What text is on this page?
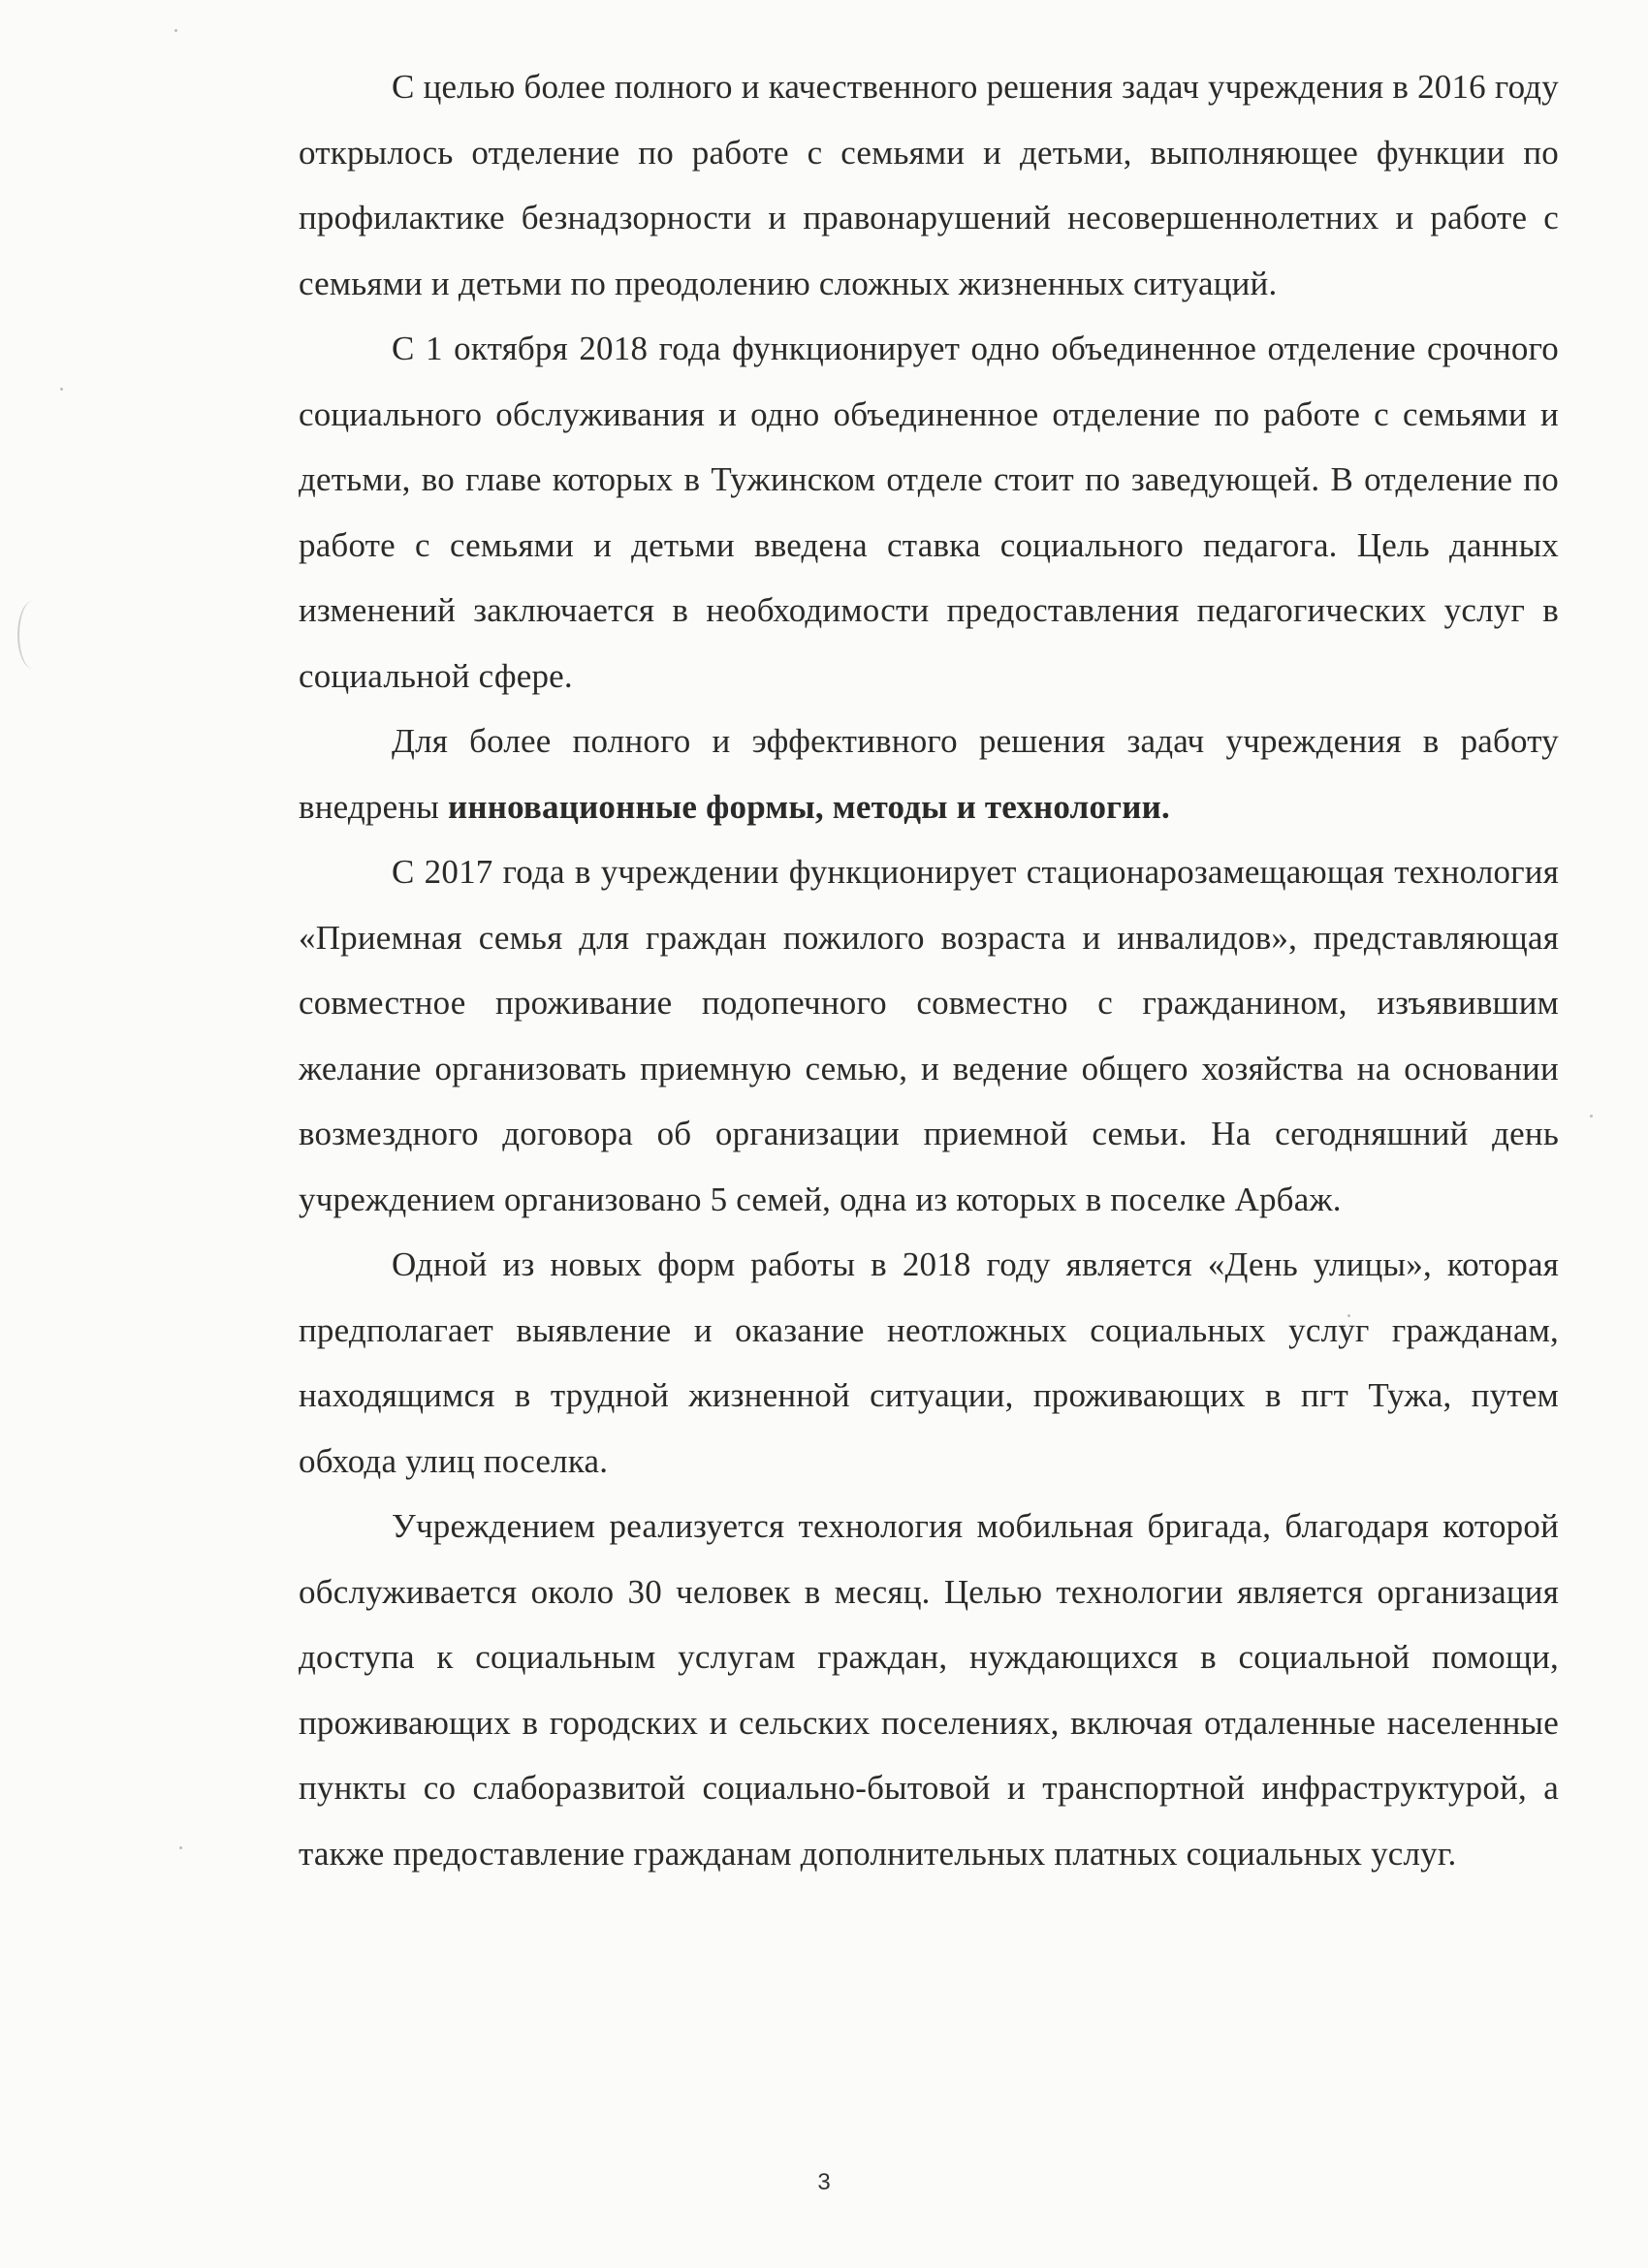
С целью более полного и качественного решения задач учреждения в 2016 году открылось отделение по работе с семьями и детьми, выполняющее функции по профилактике безнадзорности и правонарушений несовершеннолетних и работе с семьями и детьми по преодолению сложных жизненных ситуаций.

С 1 октября 2018 года функционирует одно объединенное отделение срочного социального обслуживания и одно объединенное отделение по работе с семьями и детьми, во главе которых в Тужинском отделе стоит по заведующей. В отделение по работе с семьями и детьми введена ставка социального педагога. Цель данных изменений заключается в необходимости предоставления педагогических услуг в социальной сфере.

Для более полного и эффективного решения задач учреждения в работу внедрены инновационные формы, методы и технологии.

С 2017 года в учреждении функционирует стационарозамещающая технология «Приемная семья для граждан пожилого возраста и инвалидов», представляющая совместное проживание подопечного совместно с гражданином, изъявившим желание организовать приемную семью, и ведение общего хозяйства на основании возмездного договора об организации приемной семьи. На сегодняшний день учреждением организовано 5 семей, одна из которых в поселке Арбаж.

Одной из новых форм работы в 2018 году является «День улицы», которая предполагает выявление и оказание неотложных социальных услуг гражданам, находящимся в трудной жизненной ситуации, проживающих в пгт Тужа, путем обхода улиц поселка.

Учреждением реализуется технология мобильная бригада, благодаря которой обслуживается около 30 человек в месяц. Целью технологии является организация доступа к социальным услугам граждан, нуждающихся в социальной помощи, проживающих в городских и сельских поселениях, включая отдаленные населенные пункты со слаборазвитой социально-бытовой и транспортной инфраструктурой, а также предоставление гражданам дополнительных платных социальных услуг.

3
